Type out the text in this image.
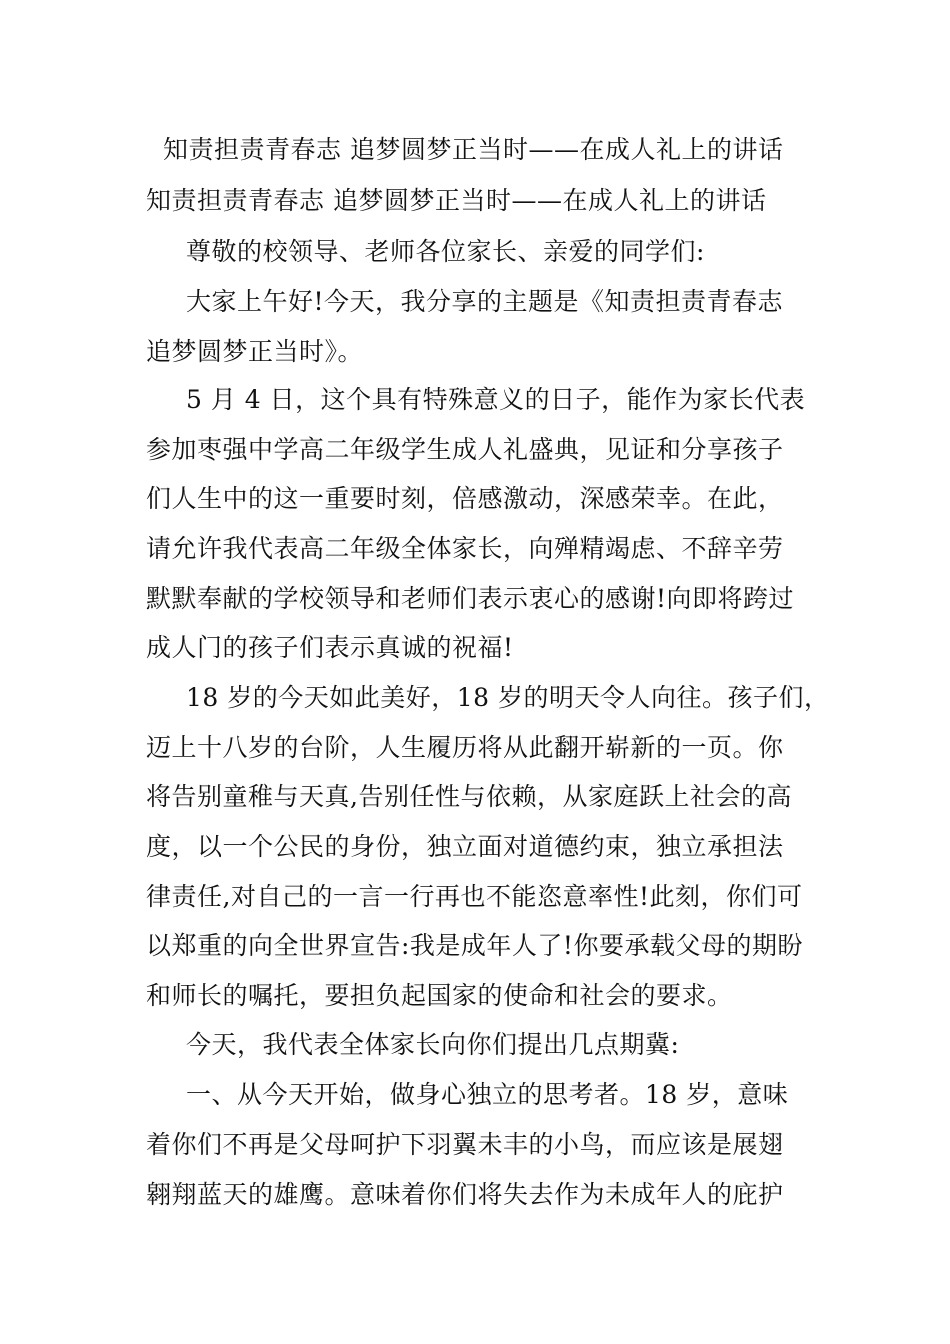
知责担责青春志 追梦圆梦正当时——在成人礼上的讲话
知责担责青春志 追梦圆梦正当时——在成人礼上的讲话
尊敬的校领导、老师各位家长、亲爱的同学们:
大家上午好!今天，我分享的主题是《知责担责青春志
追梦圆梦正当时》。
5 月 4 日，这个具有特殊意义的日子，能作为家长代表
参加枣强中学高二年级学生成人礼盛典，见证和分享孩子
们人生中的这一重要时刻，倍感激动，深感荣幸。在此，
请允许我代表高二年级全体家长，向殚精竭虑、不辞辛劳
默默奉献的学校领导和老师们表示衷心的感谢!向即将跨过
成人门的孩子们表示真诚的祝福!
18 岁的今天如此美好，18 岁的明天令人向往。孩子们，
迈上十八岁的台阶，人生履历将从此翻开崭新的一页。你
将告别童稚与天真,告别任性与依赖，从家庭跃上社会的高
度，以一个公民的身份，独立面对道德约束，独立承担法
律责任,对自己的一言一行再也不能恣意率性!此刻，你们可
以郑重的向全世界宣告:我是成年人了!你要承载父母的期盼
和师长的嘱托，要担负起国家的使命和社会的要求。
今天，我代表全体家长向你们提出几点期冀:
一、从今天开始，做身心独立的思考者。18 岁，意味
着你们不再是父母呵护下羽翼未丰的小鸟，而应该是展翅
翱翔蓝天的雄鹰。意味着你们将失去作为未成年人的庇护
